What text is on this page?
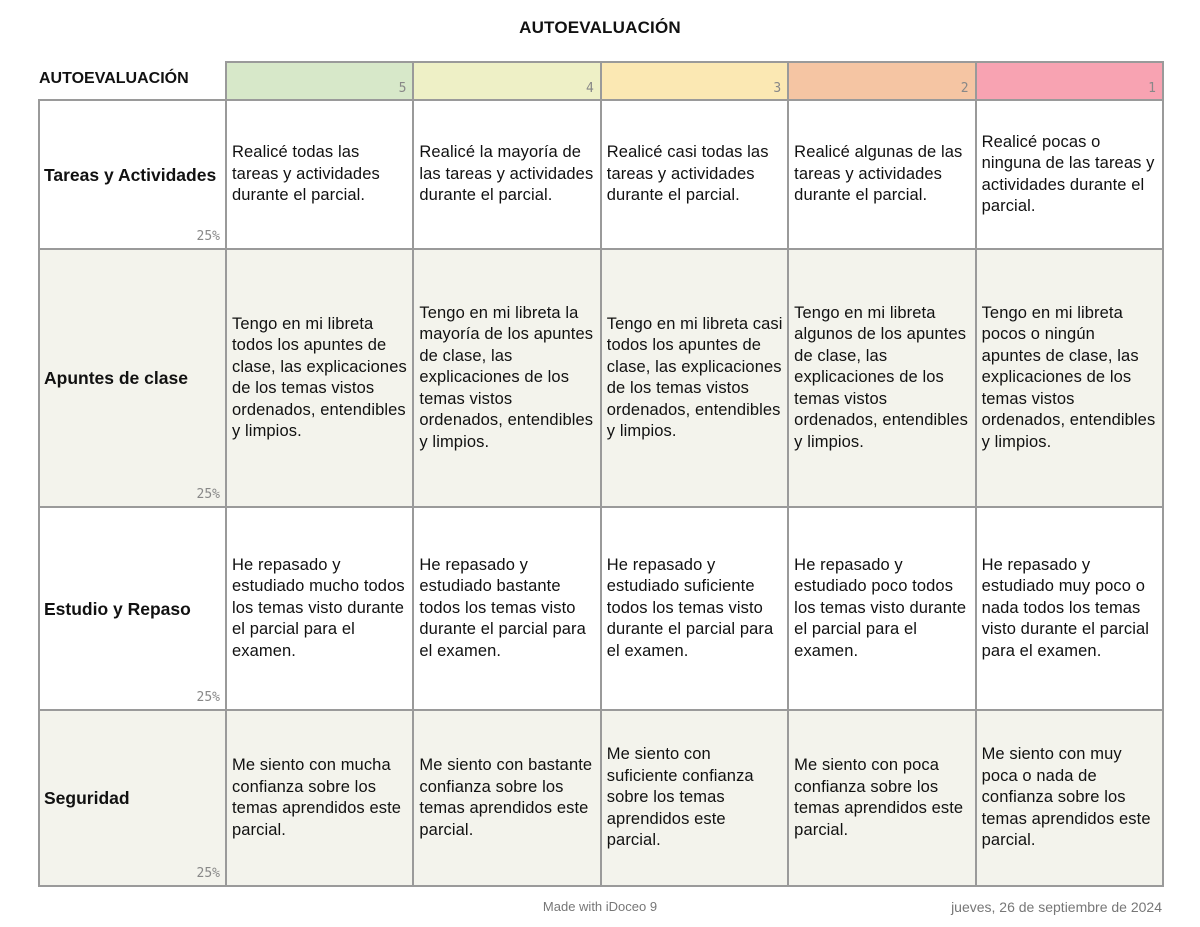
AUTOEVALUACIÓN
AUTOEVALUACIÓN	5	4	3	2	1

Tareas y Actividades
25%	Realicé todas las tareas y actividades durante el parcial.	Realicé la mayoría de las tareas y actividades durante el parcial.	Realicé casi todas las tareas y actividades durante el parcial.	Realicé algunas de las tareas y actividades durante el parcial.	Realicé pocas o ninguna de las tareas y actividades durante el parcial.

Apuntes de clase
25%	Tengo en mi libreta todos los apuntes de clase, las explicaciones de los temas vistos ordenados, entendibles y limpios.	Tengo en mi libreta la mayoría de los apuntes de clase, las explicaciones de los temas vistos ordenados, entendibles y limpios.	Tengo en mi libreta casi todos los apuntes de clase, las explicaciones de los temas vistos ordenados, entendibles y limpios.	Tengo en mi libreta algunos de los apuntes de clase, las explicaciones de los temas vistos ordenados, entendibles y limpios.	Tengo en mi libreta pocos o ningún apuntes de clase, las explicaciones de los temas vistos ordenados, entendibles y limpios.

Estudio y Repaso
25%	He repasado y estudiado mucho todos los temas visto durante el parcial para el examen.	He repasado y estudiado bastante todos los temas visto durante el parcial para el examen.	He repasado y estudiado suficiente todos los temas visto durante el parcial para el examen.	He repasado y estudiado poco todos los temas visto durante el parcial para el examen.	He repasado y estudiado muy poco o nada todos los temas visto durante el parcial para el examen.

Seguridad
25%	Me siento con mucha confianza sobre los temas aprendidos este parcial.	Me siento con bastante confianza sobre los temas aprendidos este parcial.	Me siento con suficiente confianza sobre los temas aprendidos este parcial.	Me siento con poca confianza sobre los temas aprendidos este parcial.	Me siento con muy poca o nada de confianza sobre los temas aprendidos este parcial.
Made with iDoceo 9	jueves, 26 de septiembre de 2024
